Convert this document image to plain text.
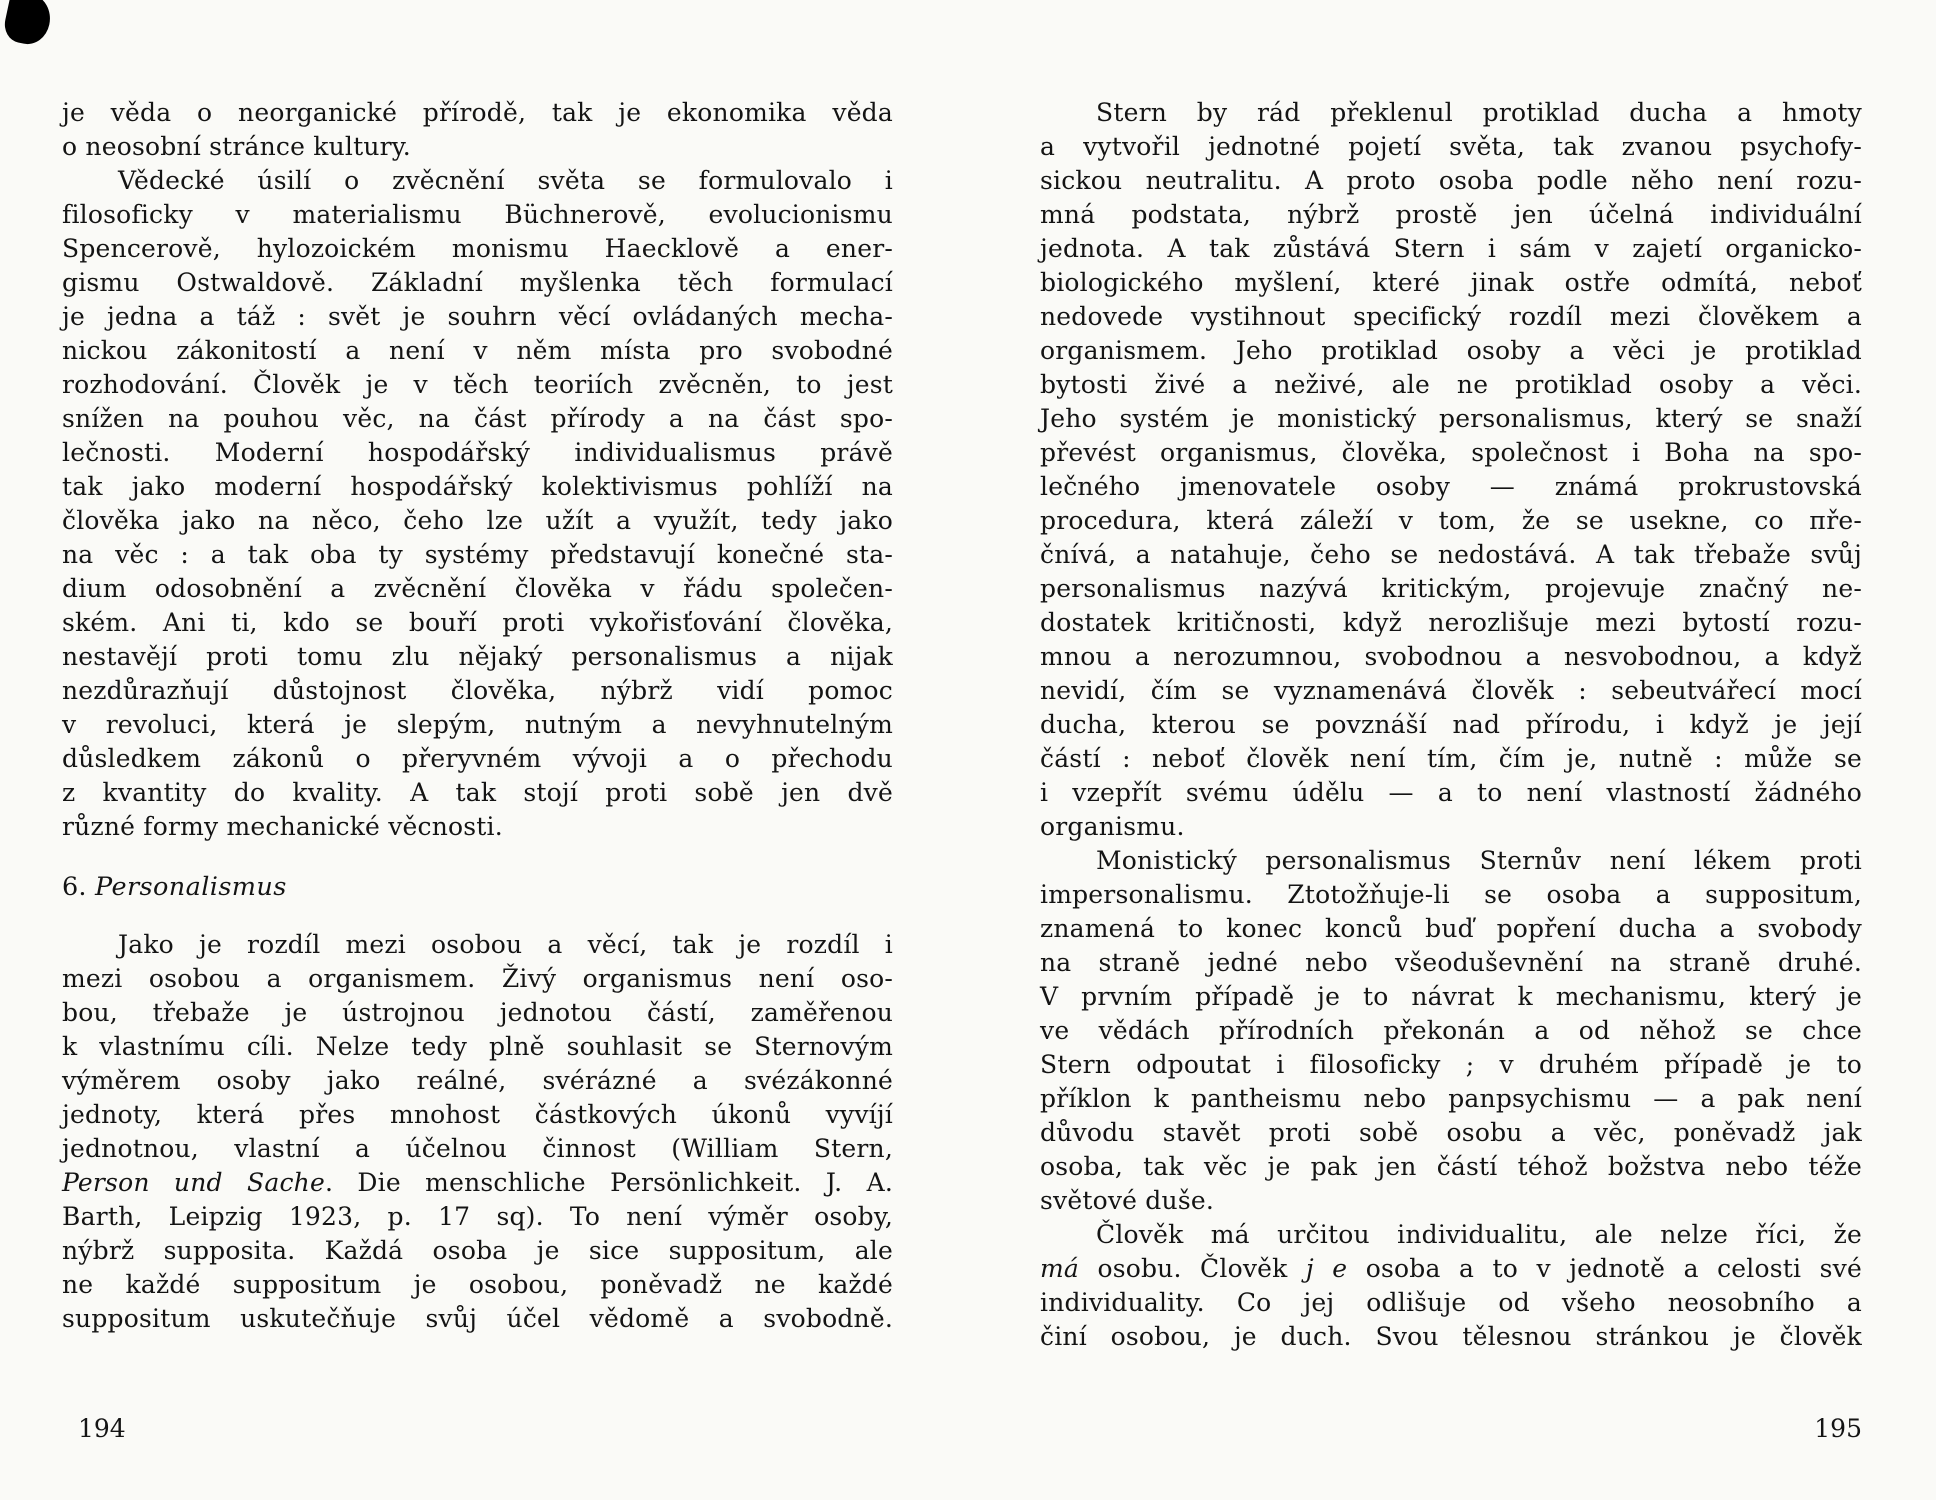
je věda o neorganické přírodě, tak je ekonomika věda
o neosobní stránce kultury.
Vědecké úsilí o zvěcnění světa se formulovalo i
filosoficky v materialismu Büchnerově, evolucionismu
Spencerově, hylozoickém monismu Haecklově a ener-
gismu Ostwaldově. Základní myšlenka těch formulací
je jedna a táž : svět je souhrn věcí ovládaných mecha-
nickou zákonitostí a není v něm místa pro svobodné
rozhodování. Člověk je v těch teoriích zvěcněn, to jest
snížen na pouhou věc, na část přírody a na část spo-
lečnosti. Moderní hospodářský individualismus právě
tak jako moderní hospodářský kolektivismus pohlíží na
člověka jako na něco, čeho lze užít a využít, tedy jako
na věc : a tak oba ty systémy představují konečné sta-
dium odosobnění a zvěcnění člověka v řádu společen-
ském. Ani ti, kdo se bouří proti vykořisťování člověka,
nestavějí proti tomu zlu nějaký personalismus a nijak
nezdůrazňují důstojnost člověka, nýbrž vidí pomoc
v revoluci, která je slepým, nutným a nevyhnutelným
důsledkem zákonů o přeryvném vývoji a o přechodu
z kvantity do kvality. A tak stojí proti sobě jen dvě
různé formy mechanické věcnosti.
6. Personalismus
Jako je rozdíl mezi osobou a věcí, tak je rozdíl i
mezi osobou a organismem. Živý organismus není oso-
bou, třebaže je ústrojnou jednotou částí, zaměřenou
k vlastnímu cíli. Nelze tedy plně souhlasit se Sternovým
výměrem osoby jako reálné, svérázné a svézákonné
jednoty, která přes mnohost částkových úkonů vyvíjí
jednotnou, vlastní a účelnou činnost (William Stern,
Person und Sache. Die menschliche Persönlichkeit. J. A.
Barth, Leipzig 1923, p. 17 sq). To není výměr osoby,
nýbrž supposita. Každá osoba je sice suppositum, ale
ne každé suppositum je osobou, poněvadž ne každé
suppositum uskutečňuje svůj účel vědomě a svobodně.
Stern by rád překlenul protiklad ducha a hmoty
a vytvořil jednotné pojetí světa, tak zvanou psychofy-
sickou neutralitu. A proto osoba podle něho není rozu-
mná podstata, nýbrž prostě jen účelná individuální
jednota. A tak zůstává Stern i sám v zajetí organicko-
biologického myšlení, které jinak ostře odmítá, neboť
nedovede vystihnout specifický rozdíl mezi člověkem a
organismem. Jeho protiklad osoby a věci je protiklad
bytosti živé a neživé, ale ne protiklad osoby a věci.
Jeho systém je monistický personalismus, který se snaží
převést organismus, člověka, společnost i Boha na spo-
lečného jmenovatele osoby — známá prokrustovská
procedura, která záleží v tom, že se usekne, co пře-
čnívá, a natahuje, čeho se nedostává. A tak třebaže svůj
personalismus nazývá kritickým, projevuje značný ne-
dostatek kritičnosti, když nerozlišuje mezi bytostí rozu-
mnou a nerozumnou, svobodnou a nesvobodnou, a když
nevidí, čím se vyznamenává člověk : sebeutvářecí mocí
ducha, kterou se povznáší nad přírodu, i když je její
částí : neboť člověk není tím, čím je, nutně : může se
i vzepřít svému údělu — a to není vlastností žádného
organismu.
Monistický personalismus Sternův není lékem proti
impersonalismu. Ztotožňuje-li se osoba a suppositum,
znamená to konec konců buď popření ducha a svobody
na straně jedné nebo všeoduševnění na straně druhé.
V prvním případě je to návrat k mechanismu, který je
ve vědách přírodních překonán a od něhož se chce
Stern odpoutat i filosoficky ; v druhém případě je to
příklon k pantheismu nebo panpsychismu — a pak není
důvodu stavět proti sobě osobu a věc, poněvadž jak
osoba, tak věc je pak jen částí téhož božstva nebo téže
světové duše.
Člověk má určitou individualitu, ale nelze říci, že
má osobu. Člověk j e osoba a to v jednotě a celosti své
individuality. Co jej odlišuje od všeho neosobního a
činí osobou, je duch. Svou tělesnou stránkou je člověk
194	195
